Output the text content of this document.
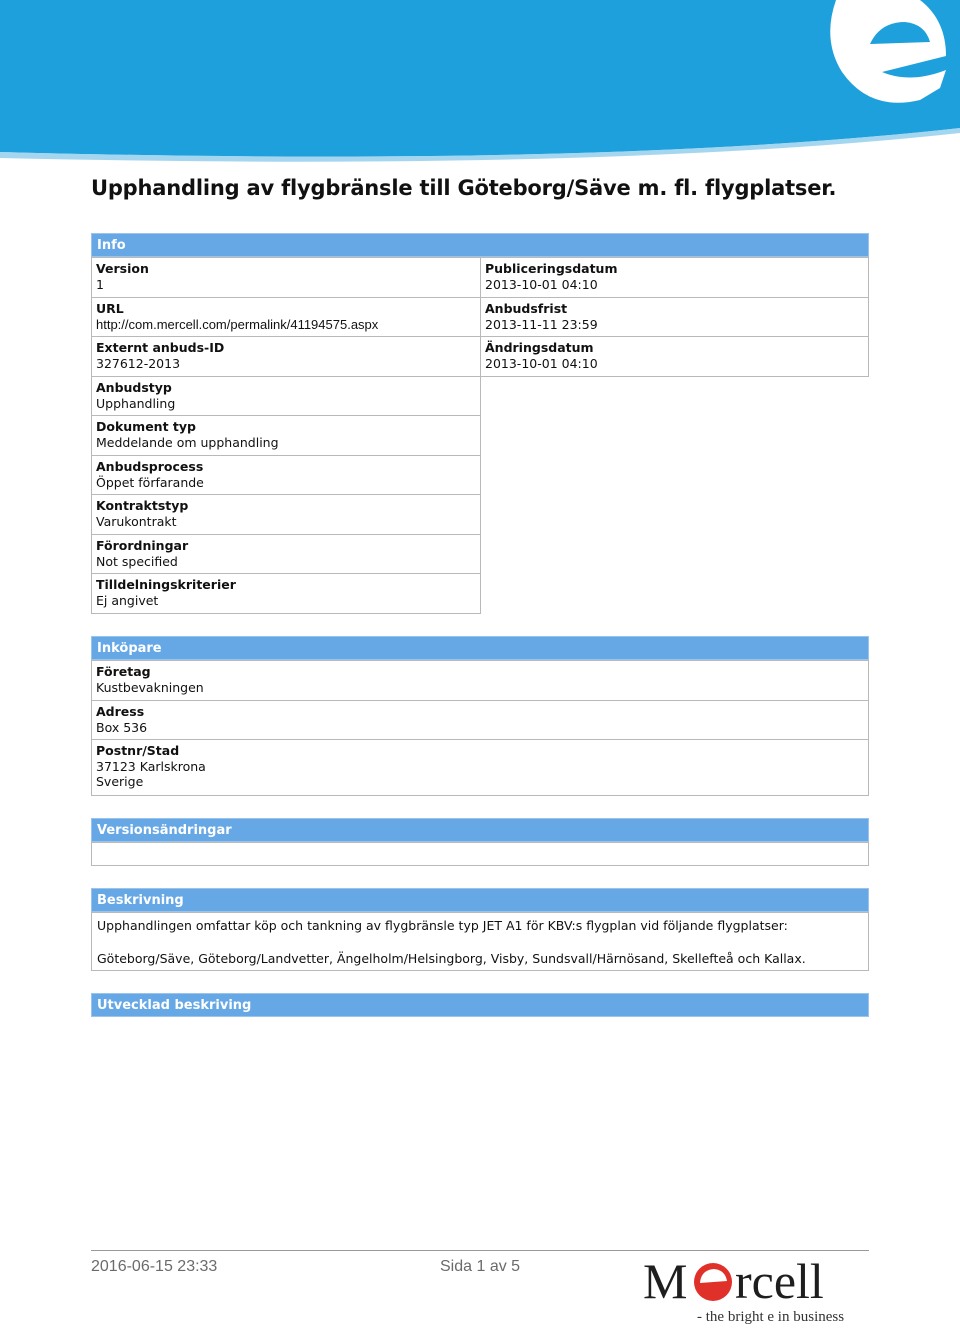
Upphandling av flygbränsle till Göteborg/Säve m. fl. flygplatser.
Info
Version
1
URL
http://com.mercell.com/permalink/41194575.aspx
Externt anbuds-ID
327612-2013
Anbudstyp
Upphandling
Dokument typ
Meddelande om upphandling
Anbudsprocess
Öppet förfarande
Kontraktstyp
Varukontrakt
Förordningar
Not specified
Tilldelningskriterier
Ej angivet
Publiceringsdatum
2013-10-01 04:10
Anbudsfrist
2013-11-11 23:59
Ändringsdatum
2013-10-01 04:10
Inköpare
Företag
Kustbevakningen
Adress
Box 536
Postnr/Stad
37123 Karlskrona
Sverige
Versionsändringar
Beskrivning

Upphandlingen omfattar köp och tankning av flygbränsle typ JET A1 för KBV:s flygplan vid följande flygplatser:

Göteborg/Säve, Göteborg/Landvetter, Ängelholm/Helsingborg, Visby, Sundsvall/Härnösand, Skellefteå och Kallax.

Utvecklad beskriving
2016-06-15 23:33	Sida 1 av 5 M rcell
- the bright e in business
